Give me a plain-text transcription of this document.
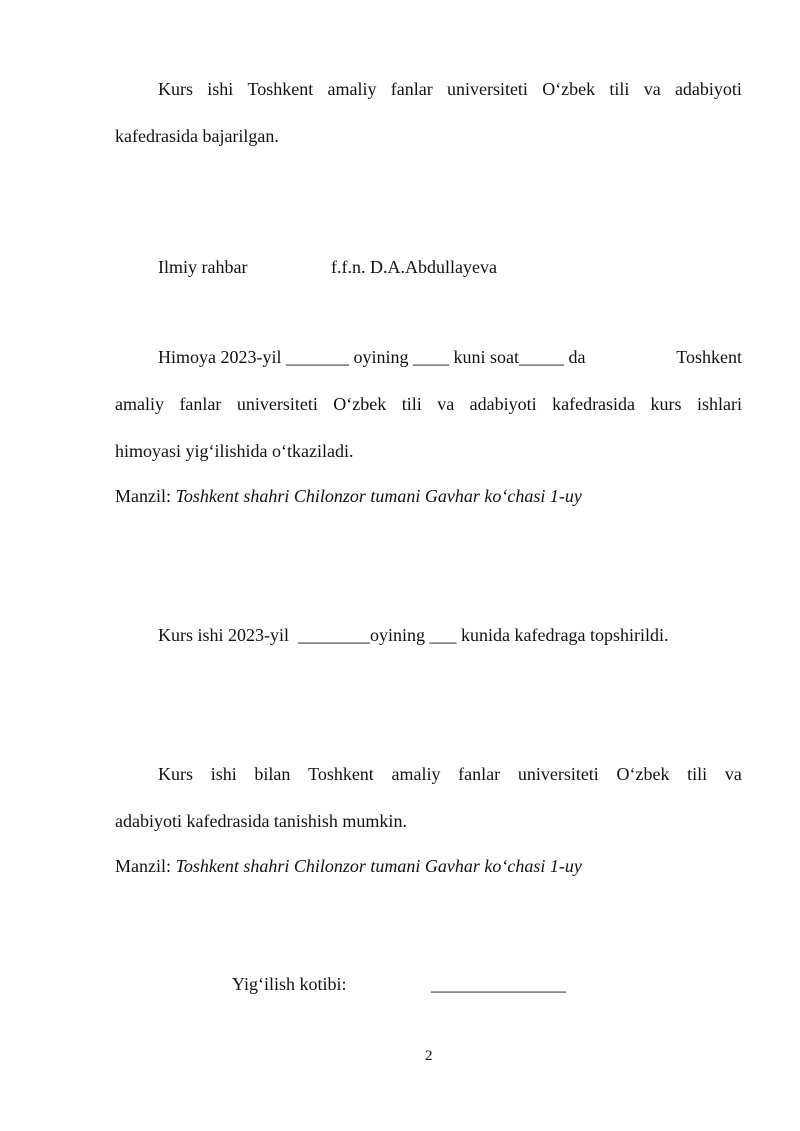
Kurs ishi Toshkent amaliy fanlar universiteti O‘zbek tili va adabiyoti
kafedrasida bajarilgan.
Ilmiy rahbar	f.f.n. D.A.Abdullayeva
Himoya 2023-yil _______ oyining ____ kuni soat_____ da	Toshkent
amaliy fanlar universiteti O‘zbek tili va adabiyoti kafedrasida kurs ishlari
himoyasi yig‘ilishida o‘tkaziladi.
Manzil: Toshkent shahri Chilonzor tumani Gavhar ko‘chasi 1-uy
Kurs ishi 2023-yil  ________oyining ___ kunida kafedraga topshirildi.
Kurs ishi bilan Toshkent amaliy fanlar universiteti O‘zbek tili va
adabiyoti kafedrasida tanishish mumkin.
Manzil: Toshkent shahri Chilonzor tumani Gavhar ko‘chasi 1-uy
Yig‘ilish kotibi:	_______________
2
